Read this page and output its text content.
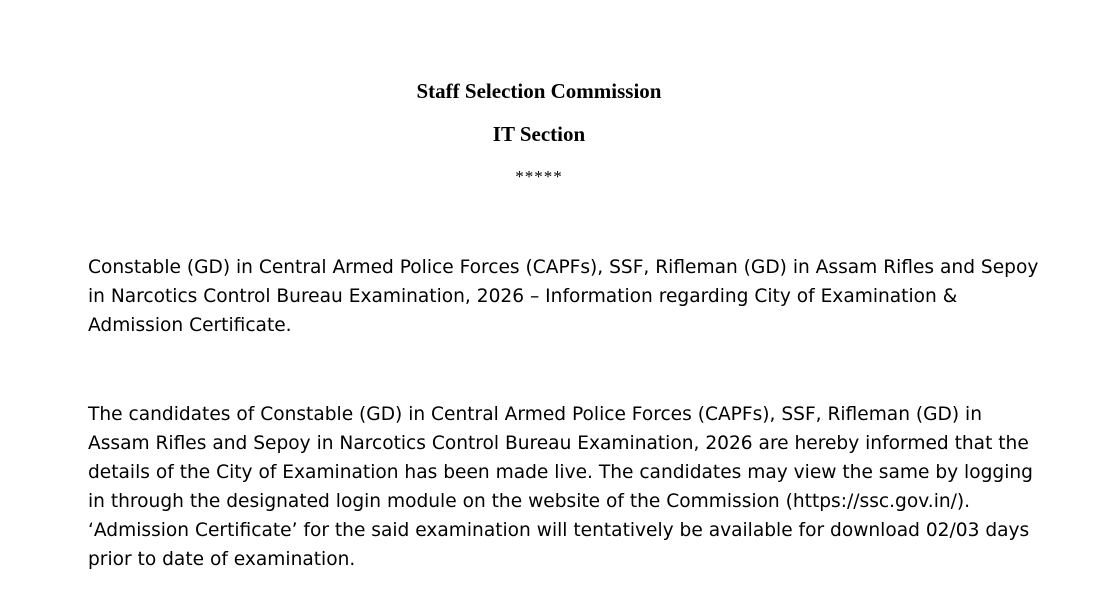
Staff Selection Commission
IT Section
*****

Constable (GD) in Central Armed Police Forces (CAPFs), SSF, Rifleman (GD) in Assam Rifles and Sepoy
in Narcotics Control Bureau Examination, 2026 – Information regarding City of Examination &
Admission Certificate.

The candidates of Constable (GD) in Central Armed Police Forces (CAPFs), SSF, Rifleman (GD) in
Assam Rifles and Sepoy in Narcotics Control Bureau Examination, 2026 are hereby informed that the
details of the City of Examination has been made live. The candidates may view the same by logging
in through the designated login module on the website of the Commission (https://ssc.gov.in/).
‘Admission Certificate’ for the said examination will tentatively be available for download 02/03 days
prior to date of examination.
